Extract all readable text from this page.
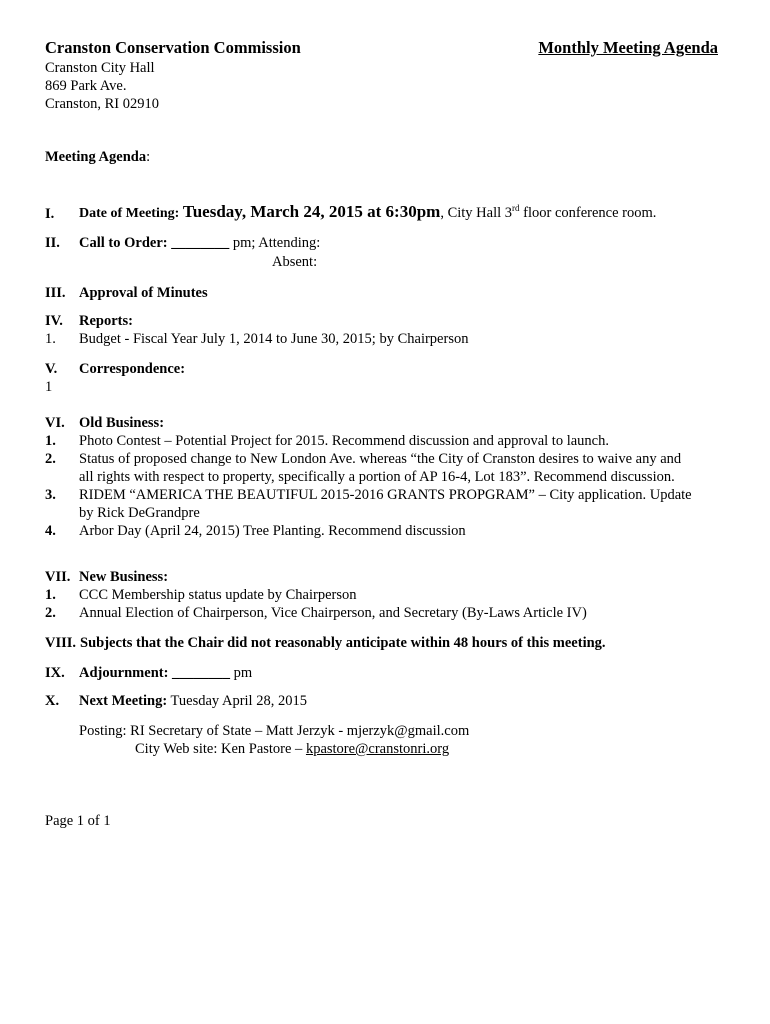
Cranston Conservation Commission	Monthly Meeting Agenda
Cranston City Hall
869 Park Ave.
Cranston, RI 02910
Meeting Agenda:
I. Date of Meeting: Tuesday, March 24, 2015 at 6:30pm, City Hall 3rd floor conference room.
II. Call to Order: ________ pm; Attending:
Absent:
III. Approval of Minutes
IV. Reports:
1. Budget - Fiscal Year July 1, 2014 to June 30, 2015; by Chairperson
V. Correspondence:
1
VI. Old Business:
1. Photo Contest – Potential Project for 2015. Recommend discussion and approval to launch.
2. Status of proposed change to New London Ave. whereas “the City of Cranston desires to waive any and
all rights with respect to property, specifically a portion of AP 16-4, Lot 183”. Recommend discussion.
3. RIDEM “AMERICA THE BEAUTIFUL 2015-2016 GRANTS PROPGRAM” – City application. Update
by Rick DeGrandpre
4. Arbor Day (April 24, 2015) Tree Planting. Recommend discussion
VII. New Business:
1. CCC Membership status update by Chairperson
2. Annual Election of Chairperson, Vice Chairperson, and Secretary (By-Laws Article IV)
VIII. Subjects that the Chair did not reasonably anticipate within 48 hours of this meeting.
IX. Adjournment: ________ pm
X. Next Meeting: Tuesday April 28, 2015
Posting: RI Secretary of State – Matt Jerzyk - mjerzyk@gmail.com
City Web site: Ken Pastore – kpastore@cranstonri.org
Page 1 of 1
